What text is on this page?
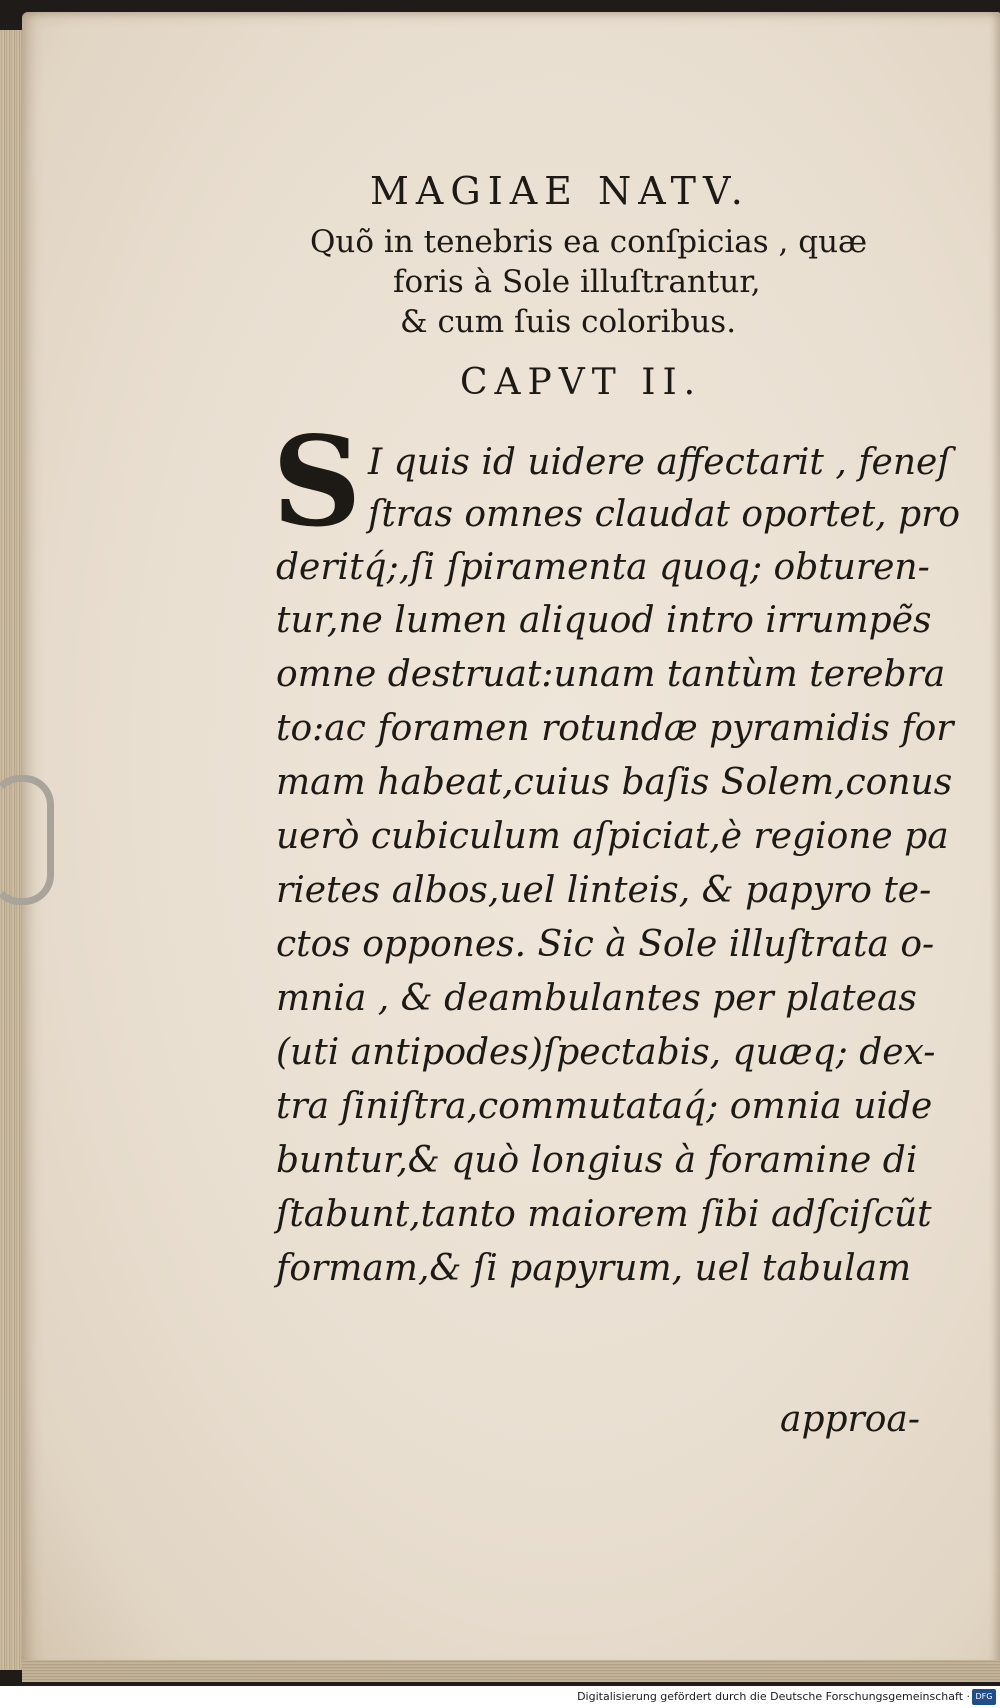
MAGIAE NATV.
Quõ in tenebris ea conſpicias , quæ
foris à Sole illuſtrantur,
& cum ſuis coloribus.
CAPVT II.
S I quis id uidere affectarit , feneſ
ſtras omnes claudat oportet, pro
deritq́;,ſi ſpiramenta quoq; obturen-
tur,ne lumen aliquod intro irrumpẽs
omne destruat:unam tantùm terebra
to:ac foramen rotundæ pyramidis for
mam habeat,cuius baſis Solem,conus
uerò cubiculum aſpiciat,è regione pa
rietes albos,uel linteis, & papyro te-
ctos oppones. Sic à Sole illuſtrata o-
mnia , & deambulantes per plateas
(uti antipodes)ſpectabis, quæq; dex-
tra ſiniſtra,commutataq́; omnia uide
buntur,& quò longius à foramine di
ſtabunt,tanto maiorem ſibi adſciſcũt
formam,& ſi papyrum, uel tabulam
approa-
Digitalisierung gefördert durch die Deutsche Forschungsgemeinschaft · DFG
